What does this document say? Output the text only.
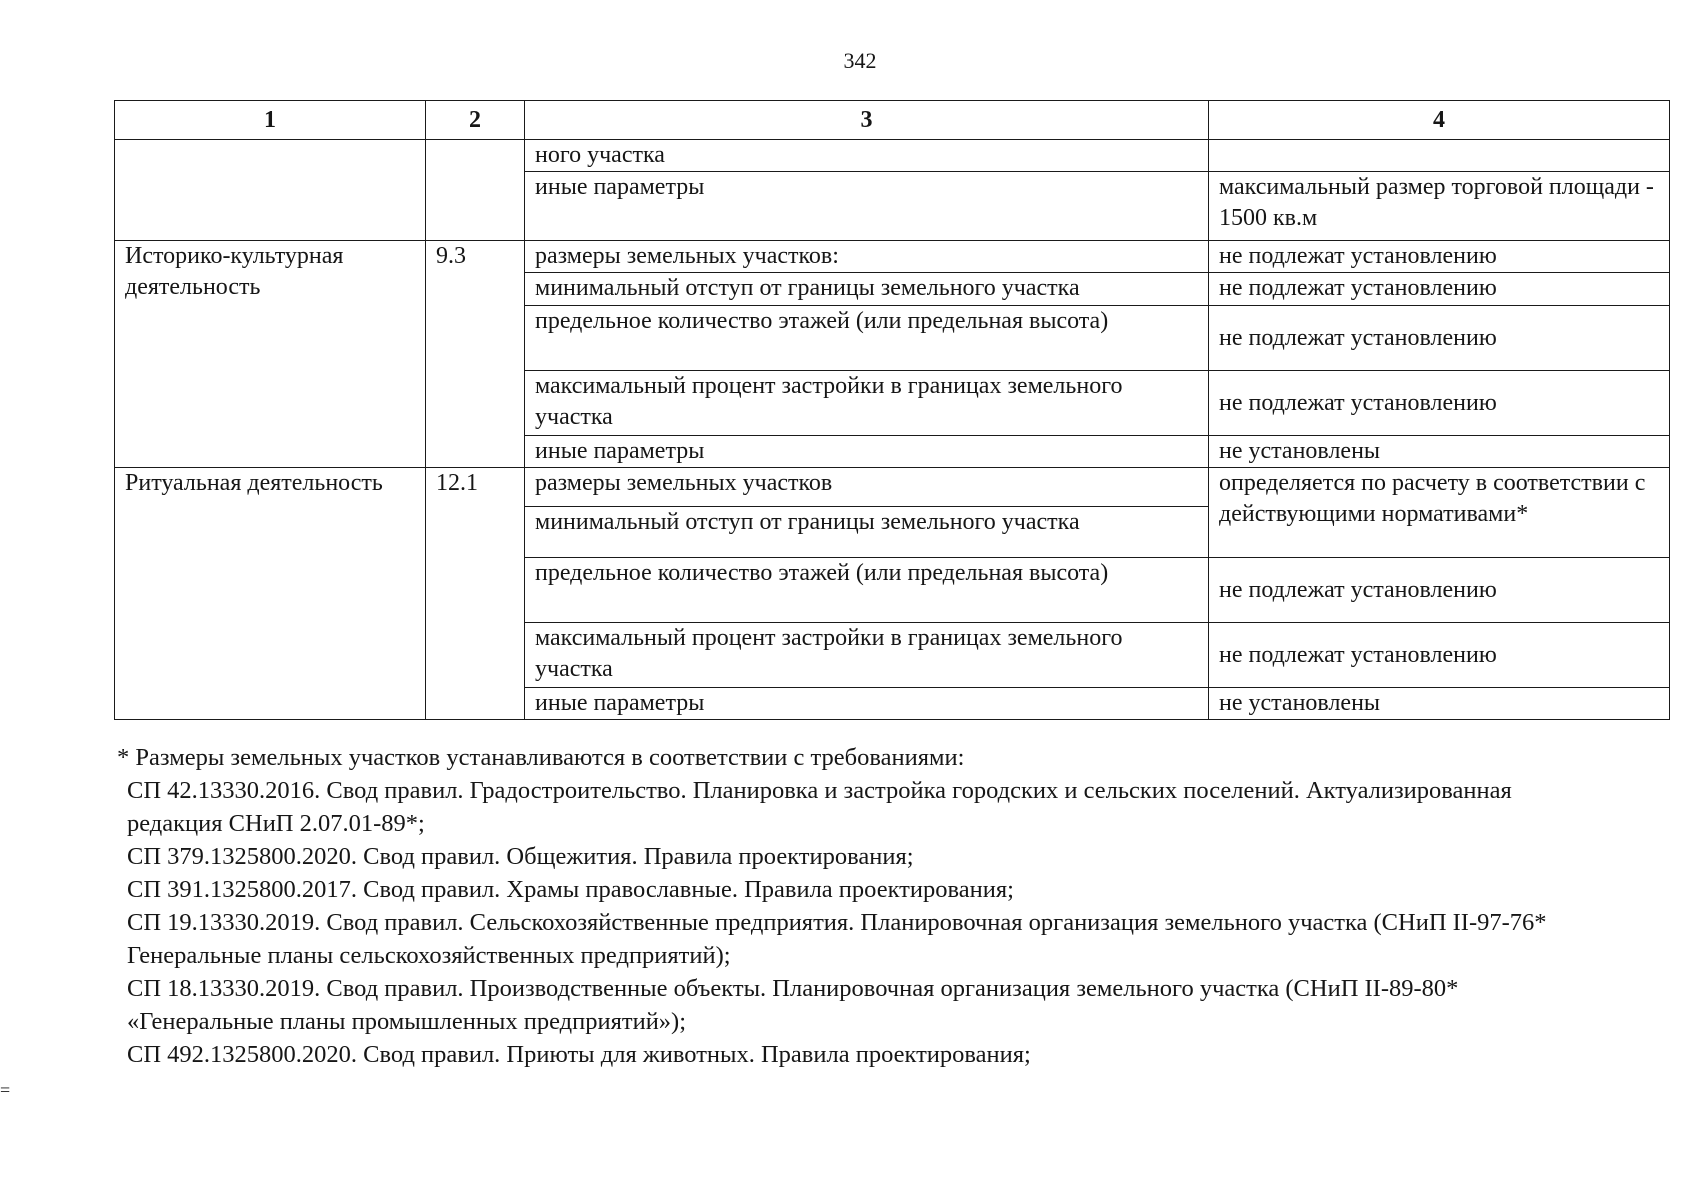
342
1	2	3	4
		ного участка	
		иные параметры	максимальный размер торговой площади - 1500 кв.м
Историко-культурная деятельность	9.3	размеры земельных участков:	не подлежат установлению
		минимальный отступ от границы земельного участка	не подлежат установлению
		предельное количество этажей (или предельная высота)	не подлежат установлению
		максимальный процент застройки в границах земельного участка	не подлежат установлению
		иные параметры	не установлены
Ритуальная деятельность	12.1	размеры земельных участков	определяется по расчету в соответствии с действующими нормативами*
		минимальный отступ от границы земельного участка	
		предельное количество этажей (или предельная высота)	не подлежат установлению
		максимальный процент застройки в границах земельного участка	не подлежат установлению
		иные параметры	не установлены

* Размеры земельных участков устанавливаются в соответствии с требованиями:

СП 42.13330.2016. Свод правил. Градостроительство. Планировка и застройка городских и сельских поселений. Актуализированная редакция СНиП 2.07.01-89*;

СП 379.1325800.2020. Свод правил. Общежития. Правила проектирования;

СП 391.1325800.2017. Свод правил. Храмы православные. Правила проектирования;

СП 19.13330.2019. Свод правил. Сельскохозяйственные предприятия. Планировочная организация земельного участка (СНиП II-97-76* Генеральные планы сельскохозяйственных предприятий);

СП 18.13330.2019. Свод правил. Производственные объекты. Планировочная организация земельного участка (СНиП II-89-80* «Генеральные планы промышленных предприятий»);

СП 492.1325800.2020. Свод правил. Приюты для животных. Правила проектирования;

=
